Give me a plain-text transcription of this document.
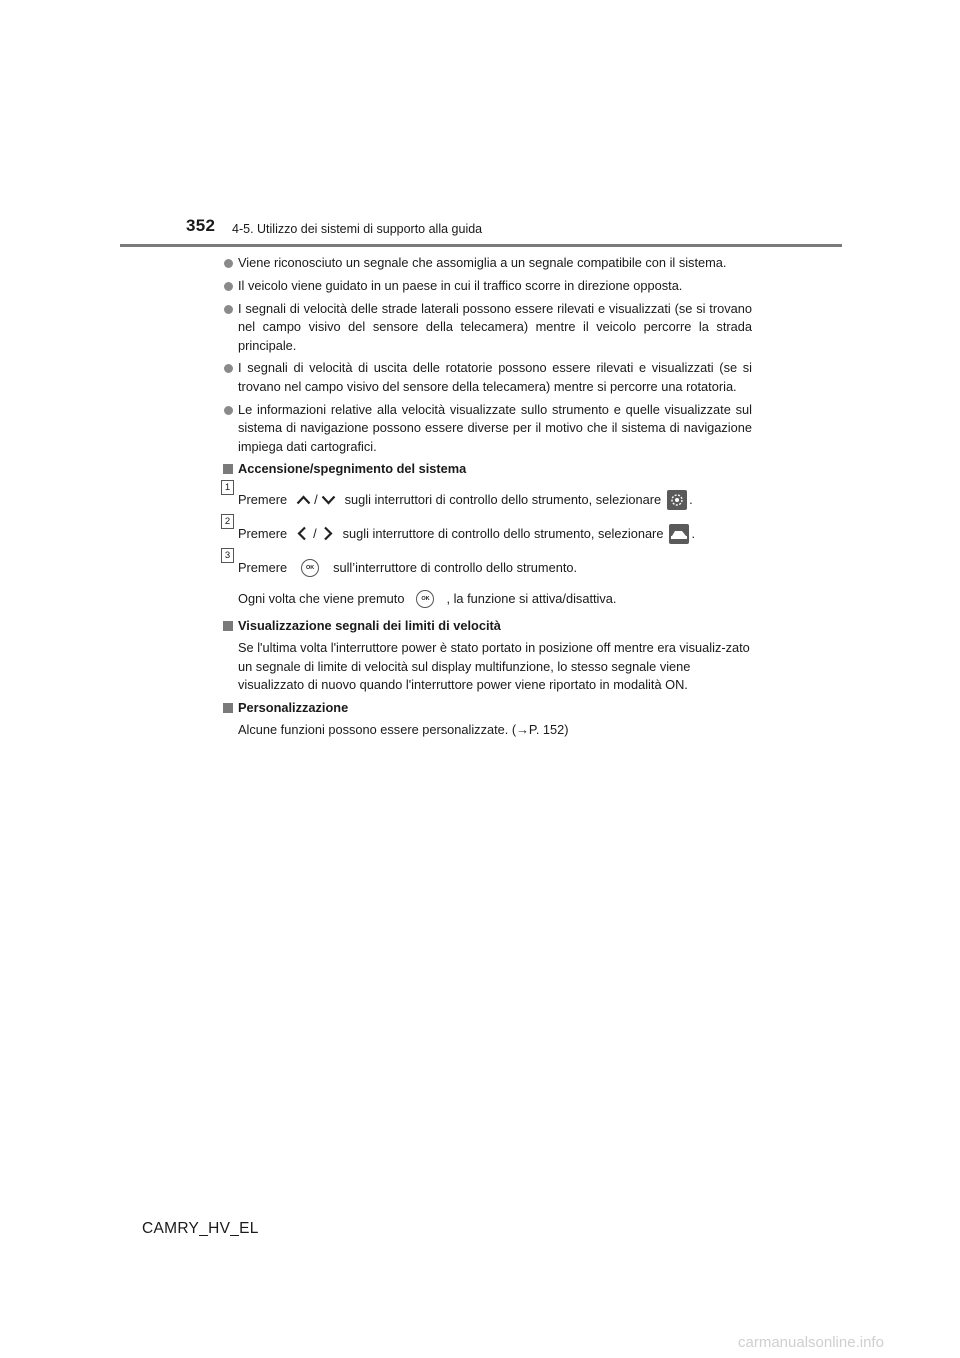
352 4-5. Utilizzo dei sistemi di supporto alla guida
Viene riconosciuto un segnale che assomiglia a un segnale compatibile con il sistema.
Il veicolo viene guidato in un paese in cui il traffico scorre in direzione opposta.
I segnali di velocità delle strade laterali possono essere rilevati e visualizzati (se si trovano nel campo visivo del sensore della telecamera) mentre il veicolo percorre la strada principale.
I segnali di velocità di uscita delle rotatorie possono essere rilevati e visualizzati (se si trovano nel campo visivo del sensore della telecamera) mentre si percorre una rotatoria.
Le informazioni relative alla velocità visualizzate sullo strumento e quelle visualizzate sul sistema di navigazione possono essere diverse per il motivo che il sistema di navigazione impiega dati cartografici.
Accensione/spegnimento del sistema
1
Premere / sugli interruttori di controllo dello strumento, selezionare .
2
Premere / sugli interruttore di controllo dello strumento, selezionare .
3
Premere	OK	sull’interruttore di controllo dello strumento.
Ogni volta che viene premuto	OK	, la funzione si attiva/disattiva.
Visualizzazione segnali dei limiti di velocità
Se l'ultima volta l'interruttore power è stato portato in posizione off mentre era visualiz-zato un segnale di limite di velocità sul display multifunzione, lo stesso segnale viene visualizzato di nuovo quando l'interruttore power viene riportato in modalità ON.
Personalizzazione
Alcune funzioni possono essere personalizzate. (→P. 152)
CAMRY_HV_EL
carmanualsonline.info
